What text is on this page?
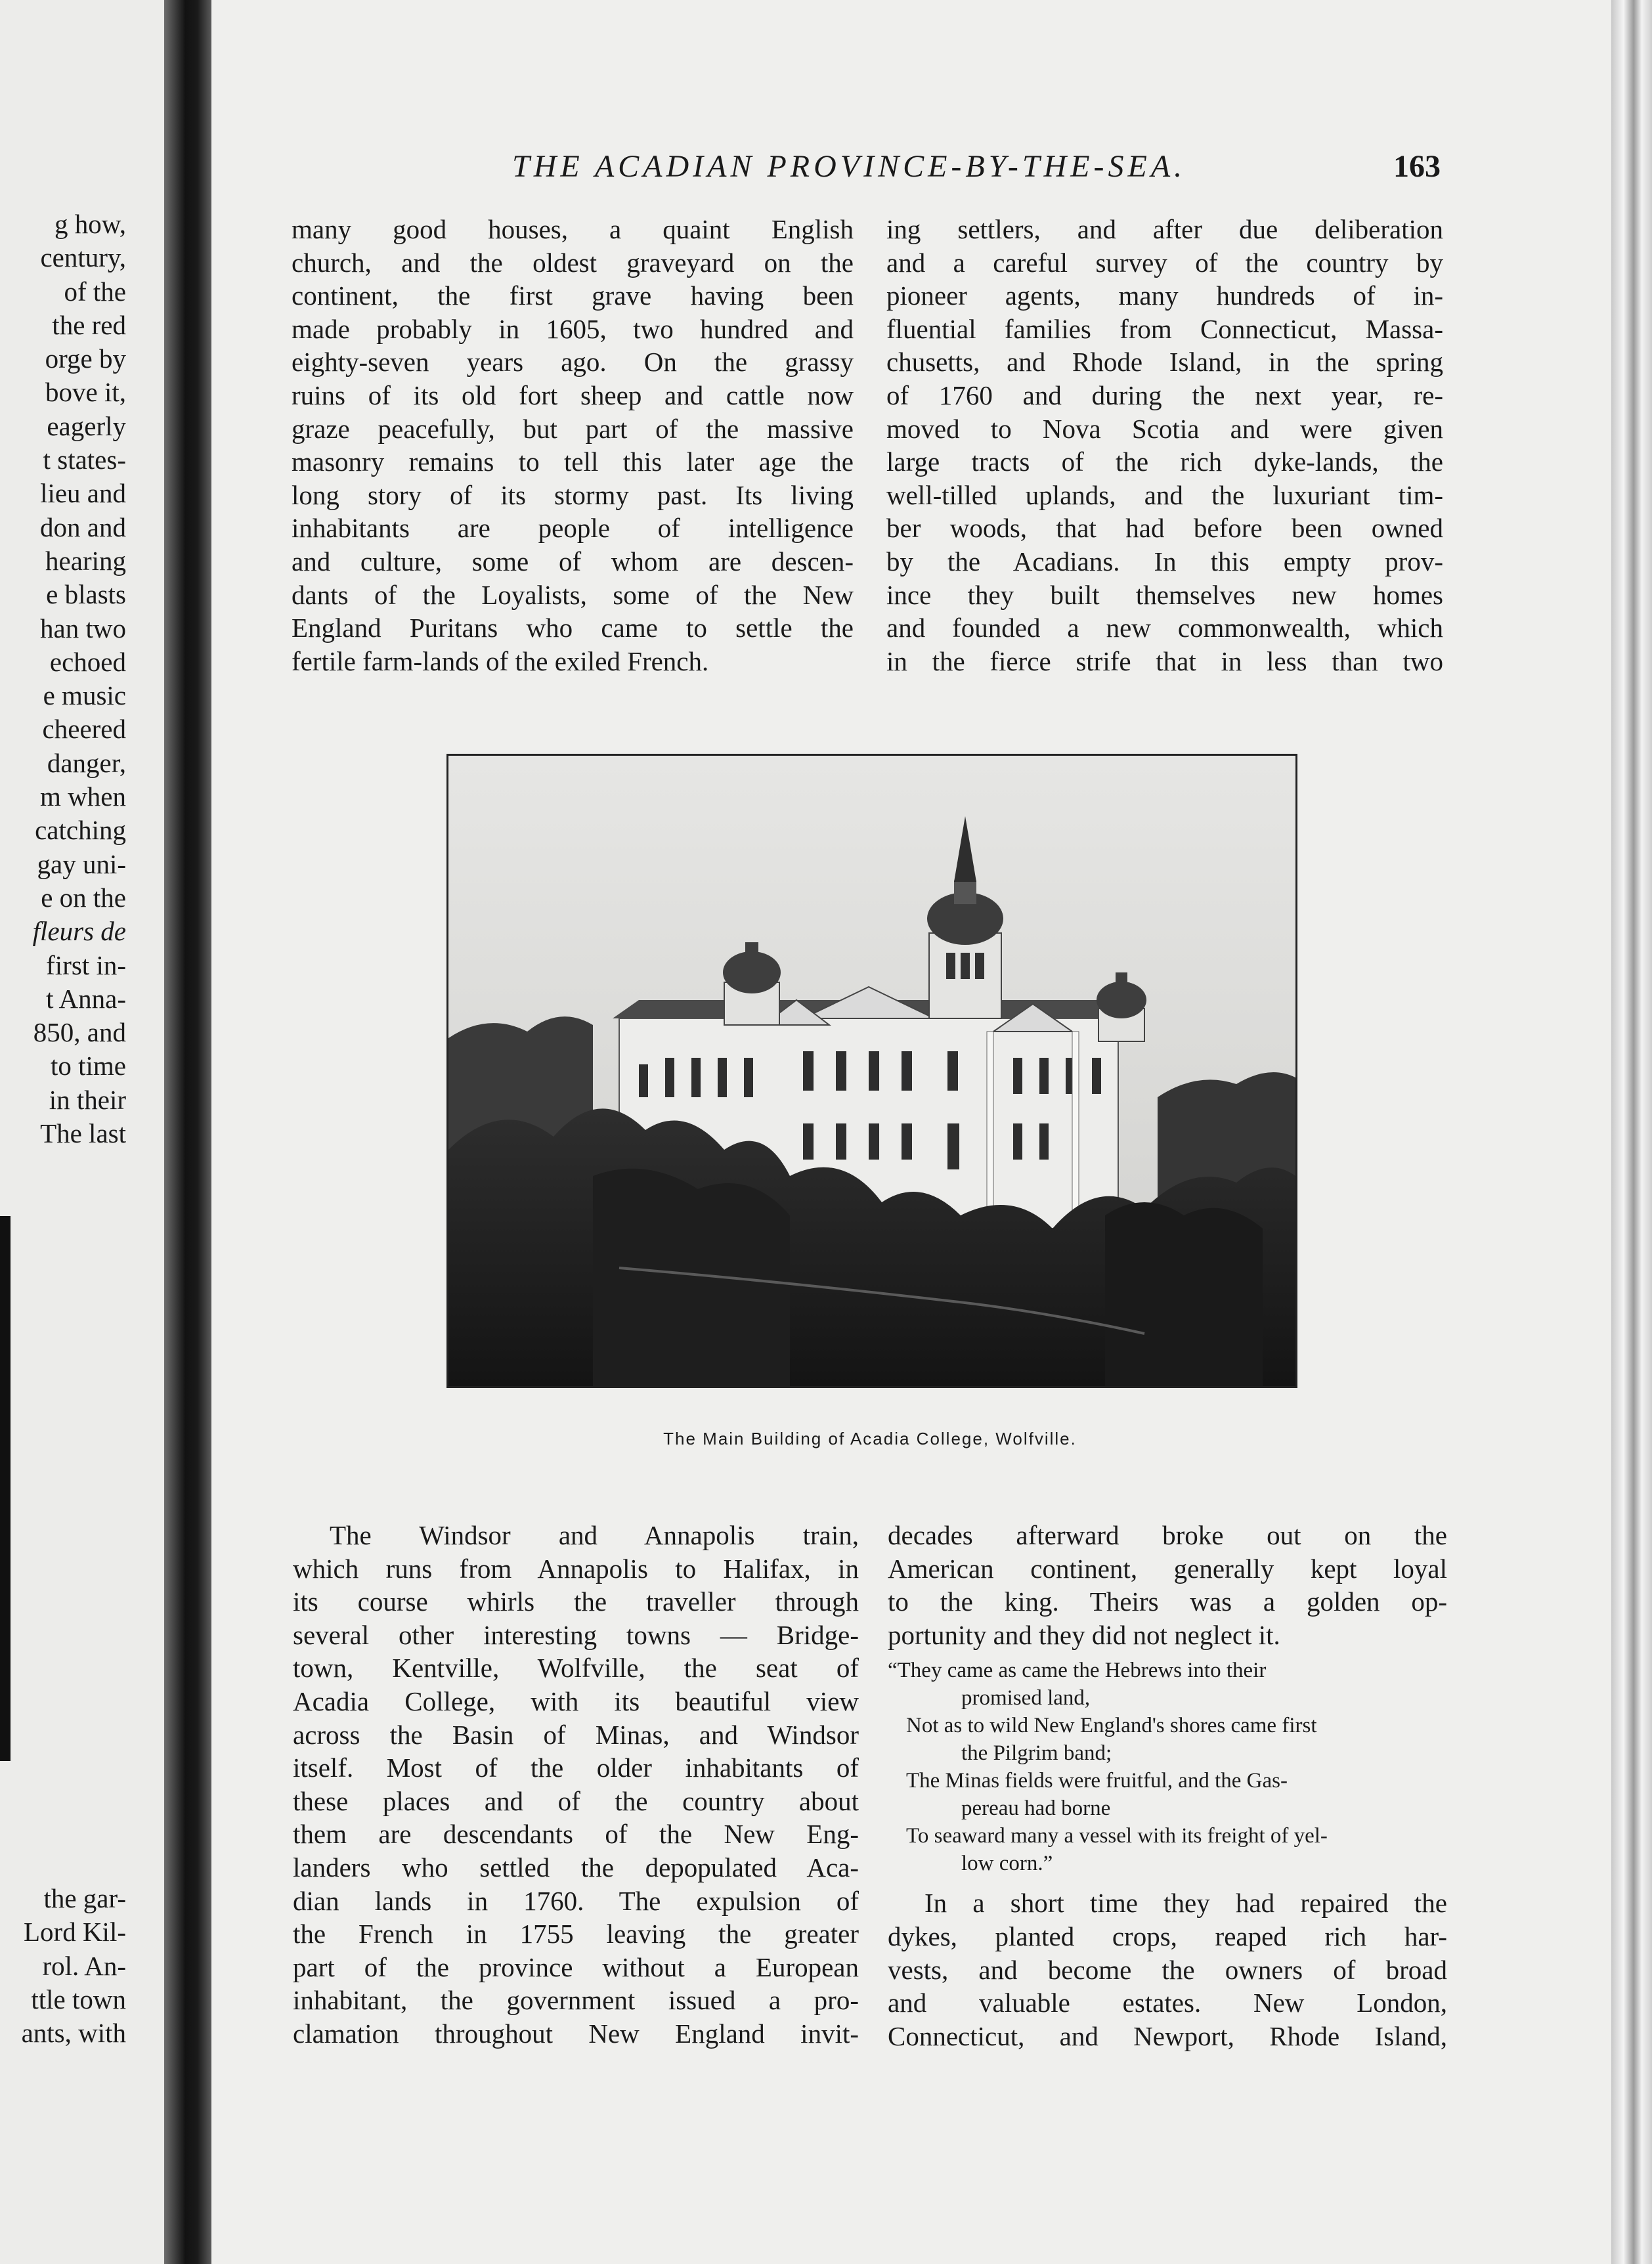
g how,
century,
of the
the red
orge by
bove it,
eagerly
t states-
lieu and
don and
hearing
e blasts
han two
echoed
e music
cheered
danger,
m when
catching
gay uni-
e on the
fleurs de
first in-
t Anna-
850, and
to time
in their
The last
the gar-
Lord Kil-
rol. An-
ttle town
ants, with
THE ACADIAN PROVINCE-BY-THE-SEA.	163
many good houses, a quaint English
church, and the oldest graveyard on the
continent, the first grave having been
made probably in 1605, two hundred and
eighty-seven years ago. On the grassy
ruins of its old fort sheep and cattle now
graze peacefully, but part of the massive
masonry remains to tell this later age the
long story of its stormy past. Its living
inhabitants are people of intelligence
and culture, some of whom are descen-
dants of the Loyalists, some of the New
England Puritans who came to settle the
fertile farm-lands of the exiled French.
ing settlers, and after due deliberation
and a careful survey of the country by
pioneer agents, many hundreds of in-
fluential families from Connecticut, Massa-
chusetts, and Rhode Island, in the spring
of 1760 and during the next year, re-
moved to Nova Scotia and were given
large tracts of the rich dyke-lands, the
well-tilled uplands, and the luxuriant tim-
ber woods, that had before been owned
by the Acadians. In this empty prov-
ince they built themselves new homes
and founded a new commonwealth, which
in the fierce strife that in less than two
The Main Building of Acadia College, Wolfville.
The Windsor and Annapolis train,
which runs from Annapolis to Halifax, in
its course whirls the traveller through
several other interesting towns — Bridge-
town, Kentville, Wolfville, the seat of
Acadia College, with its beautiful view
across the Basin of Minas, and Windsor
itself. Most of the older inhabitants of
these places and of the country about
them are descendants of the New Eng-
landers who settled the depopulated Aca-
dian lands in 1760. The expulsion of
the French in 1755 leaving the greater
part of the province without a European
inhabitant, the government issued a pro-
clamation throughout New England invit-
decades afterward broke out on the
American continent, generally kept loyal
to the king. Theirs was a golden op-
portunity and they did not neglect it.
“They came as came the Hebrews into their
promised land,
Not as to wild New England's shores came first
the Pilgrim band;
The Minas fields were fruitful, and the Gas-
pereau had borne
To seaward many a vessel with its freight of yel-
low corn.”
In a short time they had repaired the
dykes, planted crops, reaped rich har-
vests, and become the owners of broad
and valuable estates. New London,
Connecticut, and Newport, Rhode Island,
